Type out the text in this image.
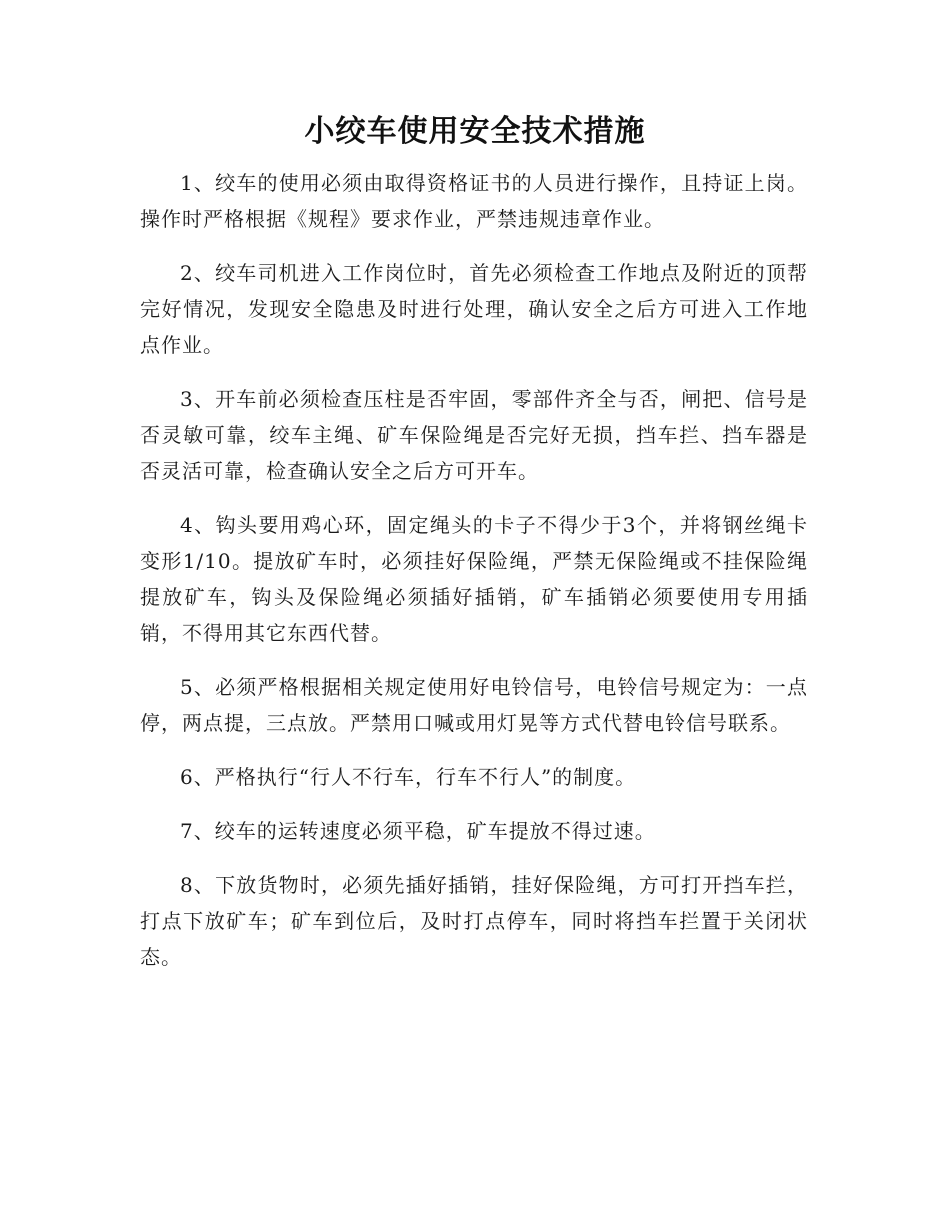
小绞车使用安全技术措施

1、绞车的使用必须由取得资格证书的人员进行操作，且持证上岗。操作时严格根据《规程》要求作业，严禁违规违章作业。

2、绞车司机进入工作岗位时，首先必须检查工作地点及附近的顶帮完好情况，发现安全隐患及时进行处理，确认安全之后方可进入工作地点作业。

3、开车前必须检查压柱是否牢固，零部件齐全与否，闸把、信号是否灵敏可靠，绞车主绳、矿车保险绳是否完好无损，挡车拦、挡车器是否灵活可靠，检查确认安全之后方可开车。

4、钩头要用鸡心环，固定绳头的卡子不得少于3个，并将钢丝绳卡变形1/10。提放矿车时，必须挂好保险绳，严禁无保险绳或不挂保险绳提放矿车，钩头及保险绳必须插好插销，矿车插销必须要使用专用插销，不得用其它东西代替。

5、必须严格根据相关规定使用好电铃信号，电铃信号规定为：一点停，两点提，三点放。严禁用口喊或用灯晃等方式代替电铃信号联系。

6、严格执行“行人不行车，行车不行人”的制度。

7、绞车的运转速度必须平稳，矿车提放不得过速。

8、下放货物时，必须先插好插销，挂好保险绳，方可打开挡车拦，打点下放矿车；矿车到位后，及时打点停车，同时将挡车拦置于关闭状态。
